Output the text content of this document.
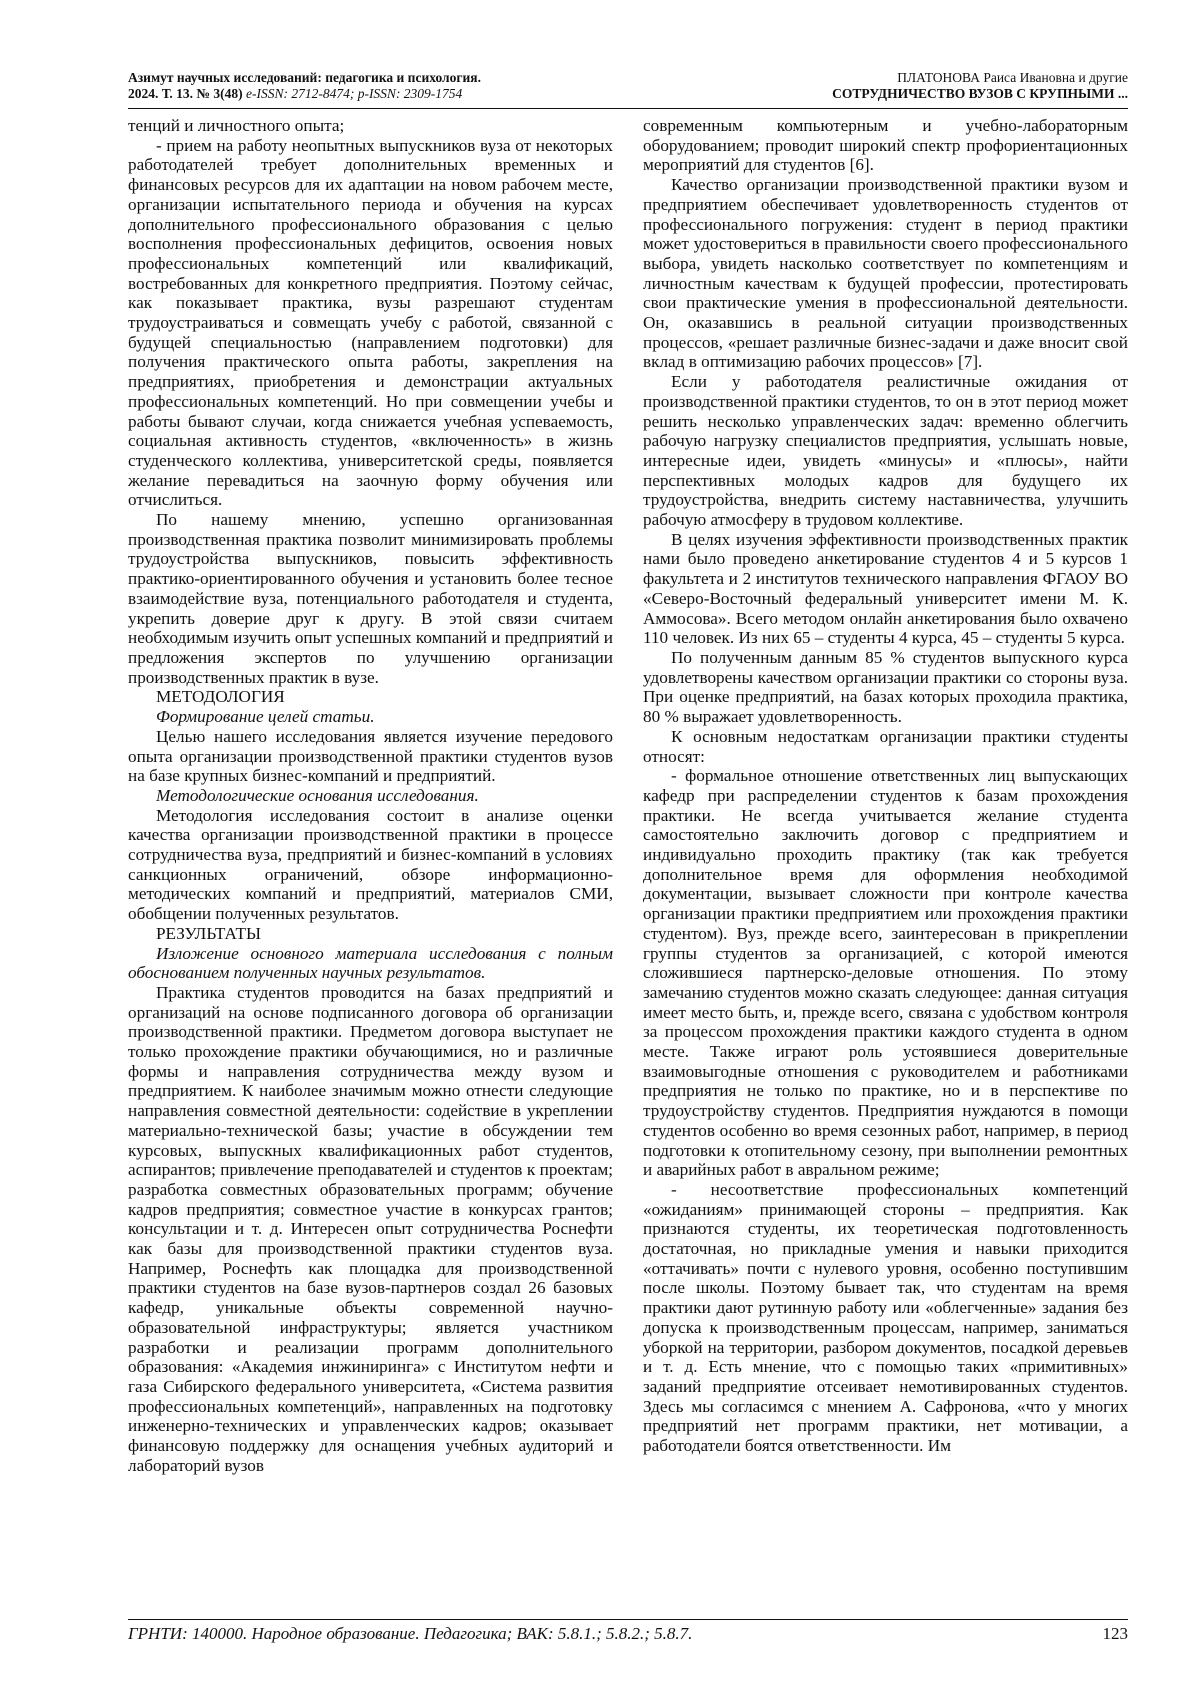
Азимут научных исследований: педагогика и психология.
2024. Т. 13. № 3(48) e-ISSN: 2712-8474; p-ISSN: 2309-1754
ПЛАТОНОВА Раиса Ивановна и другие
СОТРУДНИЧЕСТВО ВУЗОВ С КРУПНЫМИ ...

тенций и личностного опыта;

- прием на работу неопытных выпускников вуза от некоторых работодателей требует дополнительных временных и финансовых ресурсов для их адаптации на новом рабочем месте, организации испытательного периода и обучения на курсах дополнительного профессионального образования с целью восполнения профессиональных дефицитов, освоения новых профессиональных компетенций или квалификаций, востребованных для конкретного предприятия. Поэтому сейчас, как показывает практика, вузы разрешают студентам трудоустраиваться и совмещать учебу с работой, связанной с будущей специальностью (направлением подготовки) для получения практического опыта работы, закрепления на предприятиях, приобретения и демонстрации актуальных профессиональных компетенций. Но при совмещении учебы и работы бывают случаи, когда снижается учебная успеваемость, социальная активность студентов, «включенность» в жизнь студенческого коллектива, университетской среды, появляется желание перевадиться на заочную форму обучения или отчислиться.

По нашему мнению, успешно организованная производственная практика позволит минимизировать проблемы трудоустройства выпускников, повысить эффективность практико-ориентированного обучения и установить более тесное взаимодействие вуза, потенциального работодателя и студента, укрепить доверие друг к другу. В этой связи считаем необходимым изучить опыт успешных компаний и предприятий и предложения экспертов по улучшению организации производственных практик в вузе.

МЕТОДОЛОГИЯ

Формирование целей статьи.

Целью нашего исследования является изучение передового опыта организации производственной практики студентов вузов на базе крупных бизнес-компаний и предприятий.

Методологические основания исследования.

Методология исследования состоит в анализе оценки качества организации производственной практики в процессе сотрудничества вуза, предприятий и бизнес-компаний в условиях санкционных ограничений, обзоре информационно-методических компаний и предприятий, материалов СМИ, обобщении полученных результатов.

РЕЗУЛЬТАТЫ

Изложение основного материала исследования с полным обоснованием полученных научных результатов.

Практика студентов проводится на базах предприятий и организаций на основе подписанного договора об организации производственной практики. Предметом договора выступает не только прохождение практики обучающимися, но и различные формы и направления сотрудничества между вузом и предприятием. К наиболее значимым можно отнести следующие направления совместной деятельности: содействие в укреплении материально-технической базы; участие в обсуждении тем курсовых, выпускных квалификационных работ студентов, аспирантов; привлечение преподавателей и студентов к проектам; разработка совместных образовательных программ; обучение кадров предприятия; совместное участие в конкурсах грантов; консультации и т. д. Интересен опыт сотрудничества Роснефти как базы для производственной практики студентов вуза. Например, Роснефть как площадка для производственной практики студентов на базе вузов-партнеров создал 26 базовых кафедр, уникальные объекты современной научно-образовательной инфраструктуры; является участником разработки и реализации программ дополнительного образования: «Академия инжиниринга» с Институтом нефти и газа Сибирского федерального университета, «Система развития профессиональных компетенций», направленных на подготовку инженерно-технических и управленческих кадров; оказывает финансовую поддержку для оснащения учебных аудиторий и лабораторий вузов

современным компьютерным и учебно-лабораторным оборудованием; проводит широкий спектр профориентационных мероприятий для студентов [6].

Качество организации производственной практики вузом и предприятием обеспечивает удовлетворенность студентов от профессионального погружения: студент в период практики может удостовериться в правильности своего профессионального выбора, увидеть насколько соответствует по компетенциям и личностным качествам к будущей профессии, протестировать свои практические умения в профессиональной деятельности. Он, оказавшись в реальной ситуации производственных процессов, «решает различные бизнес-задачи и даже вносит свой вклад в оптимизацию рабочих процессов» [7].

Если у работодателя реалистичные ожидания от производственной практики студентов, то он в этот период может решить несколько управленческих задач: временно облегчить рабочую нагрузку специалистов предприятия, услышать новые, интересные идеи, увидеть «минусы» и «плюсы», найти перспективных молодых кадров для будущего их трудоустройства, внедрить систему наставничества, улучшить рабочую атмосферу в трудовом коллективе.

В целях изучения эффективности производственных практик нами было проведено анкетирование студентов 4 и 5 курсов 1 факультета и 2 институтов технического направления ФГАОУ ВО «Северо-Восточный федеральный университет имени М. К. Аммосова». Всего методом онлайн анкетирования было охвачено 110 человек. Из них 65 – студенты 4 курса, 45 – студенты 5 курса.

По полученным данным 85 % студентов выпускного курса удовлетворены качеством организации практики со стороны вуза. При оценке предприятий, на базах которых проходила практика, 80 % выражает удовлетворенность.

К основным недостаткам организации практики студенты относят:

- формальное отношение ответственных лиц выпускающих кафедр при распределении студентов к базам прохождения практики. Не всегда учитывается желание студента самостоятельно заключить договор с предприятием и индивидуально проходить практику (так как требуется дополнительное время для оформления необходимой документации, вызывает сложности при контроле качества организации практики предприятием или прохождения практики студентом). Вуз, прежде всего, заинтересован в прикреплении группы студентов за организацией, с которой имеются сложившиеся партнерско-деловые отношения. По этому замечанию студентов можно сказать следующее: данная ситуация имеет место быть, и, прежде всего, связана с удобством контроля за процессом прохождения практики каждого студента в одном месте. Также играют роль устоявшиеся доверительные взаимовыгодные отношения с руководителем и работниками предприятия не только по практике, но и в перспективе по трудоустройству студентов. Предприятия нуждаются в помощи студентов особенно во время сезонных работ, например, в период подготовки к отопительному сезону, при выполнении ремонтных и аварийных работ в авральном режиме;

- несоответствие профессиональных компетенций «ожиданиям» принимающей стороны – предприятия. Как признаются студенты, их теоретическая подготовленность достаточная, но прикладные умения и навыки приходится «оттачивать» почти с нулевого уровня, особенно поступившим после школы. Поэтому бывает так, что студентам на время практики дают рутинную работу или «облегченные» задания без допуска к производственным процессам, например, заниматься уборкой на территории, разбором документов, посадкой деревьев и т. д. Есть мнение, что с помощью таких «примитивных» заданий предприятие отсеивает немотивированных студентов. Здесь мы согласимся с мнением А. Сафронова, «что у многих предприятий нет программ практики, нет мотивации, а работодатели боятся ответственности. Им

ГРНТИ: 140000. Народное образование. Педагогика; ВАК: 5.8.1.; 5.8.2.; 5.8.7.	123
